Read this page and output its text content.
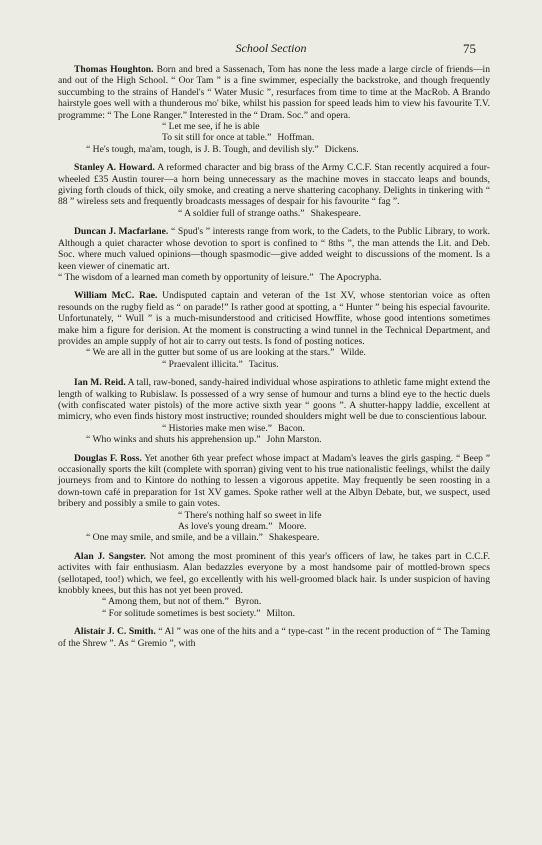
School Section	75

Thomas Houghton. Born and bred a Sassenach, Tom has none the less made a large circle of friends—in and out of the High School. “ Oor Tam ” is a fine swimmer, especially the backstroke, and though frequently succumbing to the strains of Handel's “ Water Music ”, resurfaces from time to time at the MacRob. A Brando hairstyle goes well with a thunderous mo' bike, whilst his passion for speed leads him to view his favourite T.V. programme: “ The Lone Ranger.” Interested in the “ Dram. Soc.” and opera.

“ Let me see, if he is able
To sit still for once at table.” Hoffman.
“ He's tough, ma'am, tough, is J. B. Tough, and devilish sly.” Dickens.

Stanley A. Howard. A reformed character and big brass of the Army C.C.F. Stan recently acquired a four-wheeled £35 Austin tourer—a horn being unnecessary as the machine moves in staccato leaps and bounds, giving forth clouds of thick, oily smoke, and creating a nerve shattering cacophany. Delights in tinkering with “ 88 ” wireless sets and frequently broadcasts messages of despair for his favourite “ fag ”.

“ A soldier full of strange oaths.” Shakespeare.

Duncan J. Macfarlane. “ Spud's ” interests range from work, to the Cadets, to the Public Library, to work. Although a quiet character whose devotion to sport is confined to “ 8ths ”, the man attends the Lit. and Deb. Soc. where much valued opinions—though spasmodic—give added weight to discussions of the moment. Is a keen viewer of cinematic art.

“ The wisdom of a learned man cometh by opportunity of leisure.” The Apocrypha.

William McC. Rae. Undisputed captain and veteran of the 1st XV, whose stentorian voice as often resounds on the rugby field as “ on parade!” Is rather good at spotting, a “ Hunter ” being his especial favourite. Unfortunately, “ Wull ” is a much-misunderstood and criticised Howffite, whose good intentions sometimes make him a figure for derision. At the moment is constructing a wind tunnel in the Technical Department, and provides an ample supply of hot air to carry out tests. Is fond of posting notices.

“ We are all in the gutter but some of us are looking at the stars.” Wilde.
“ Praevalent illicita.” Tacitus.

Ian M. Reid. A tall, raw-boned, sandy-haired individual whose aspirations to athletic fame might extend the length of walking to Rubislaw. Is possessed of a wry sense of humour and turns a blind eye to the hectic duels (with confiscated water pistols) of the more active sixth year “ goons ”. A shutter-happy laddie, excellent at mimicry, who even finds history most instructive; rounded shoulders might well be due to conscientious labour.

“ Histories make men wise.” Bacon.
“ Who winks and shuts his apprehension up.” John Marston.

Douglas F. Ross. Yet another 6th year prefect whose impact at Madam's leaves the girls gasping. “ Beep ” occasionally sports the kilt (complete with sporran) giving vent to his true nationalistic feelings, whilst the daily journeys from and to Kintore do nothing to lessen a vigorous appetite. May frequently be seen roosting in a down-town café in preparation for 1st XV games. Spoke rather well at the Albyn Debate, but, we suspect, used bribery and possibly a smile to gain votes.

“ There's nothing half so sweet in life
As love's young dream.” Moore.
“ One may smile, and smile, and be a villain.” Shakespeare.

Alan J. Sangster. Not among the most prominent of this year's officers of law, he takes part in C.C.F. activites with fair enthusiasm. Alan bedazzles everyone by a most handsome pair of mottled-brown specs (sellotaped, too!) which, we feel, go excellently with his well-groomed black hair. Is under suspicion of having knobbly knees, but this has not yet been proved.

“ Among them, but not of them.” Byron.
“ For solitude sometimes is best society.” Milton.

Alistair J. C. Smith. “ Al ” was one of the hits and a “ type-cast ” in the recent production of “ The Taming of the Shrew ”. As “ Gremio ”, with
